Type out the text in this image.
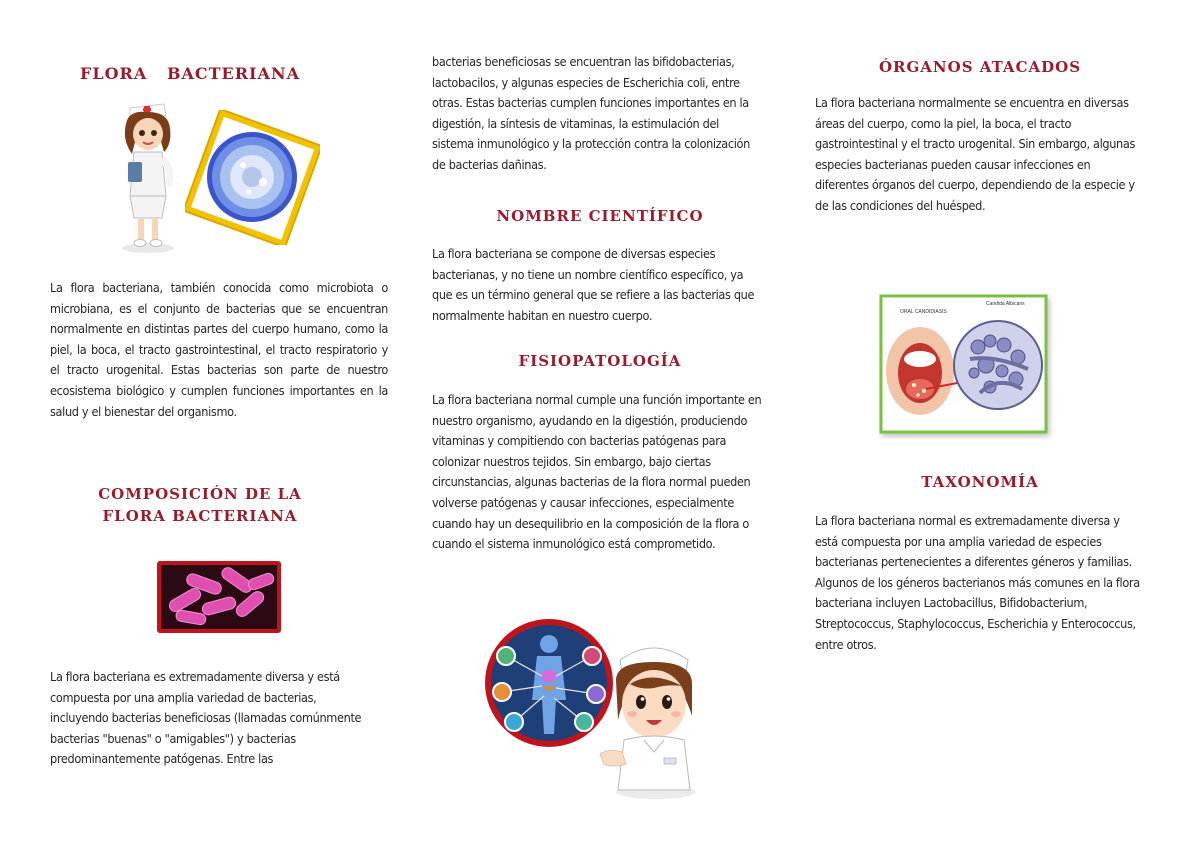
FLORA   BACTERIANA

La flora bacteriana, también conocida como microbiota o microbiana, es el conjunto de bacterias que se encuentran normalmente en distintas partes del cuerpo humano, como la piel, la boca, el tracto gastrointestinal, el tracto respiratorio y el tracto urogenital. Estas bacterias son parte de nuestro ecosistema biológico y cumplen funciones importantes en la salud y el bienestar del organismo.

COMPOSICIÓN DE LA FLORA BACTERIANA

La flora bacteriana es extremadamente diversa y está compuesta por una amplia variedad de bacterias, incluyendo bacterias beneficiosas (llamadas comúnmente bacterias "buenas" o "amigables") y bacterias predominantemente patógenas. Entre las

bacterias beneficiosas se encuentran las bifidobacterias, lactobacilos, y algunas especies de Escherichia coli, entre otras. Estas bacterias cumplen funciones importantes en la digestión, la síntesis de vitaminas, la estimulación del sistema inmunológico y la protección contra la colonización de bacterias dañinas.

NOMBRE CIENTÍFICO

La flora bacteriana se compone de diversas especies bacterianas, y no tiene un nombre científico específico, ya que es un término general que se refiere a las bacterias que normalmente habitan en nuestro cuerpo.

FISIOPATOLOGÍA

La flora bacteriana normal cumple una función importante en nuestro organismo, ayudando en la digestión, produciendo vitaminas y compitiendo con bacterias patógenas para colonizar nuestros tejidos. Sin embargo, bajo ciertas circunstancias, algunas bacterias de la flora normal pueden volverse patógenas y causar infecciones, especialmente cuando hay un desequilibrio en la composición de la flora o cuando el sistema inmunológico está comprometido.

ÓRGANOS ATACADOS

La flora bacteriana normalmente se encuentra en diversas áreas del cuerpo, como la piel, la boca, el tracto gastrointestinal y el tracto urogenital. Sin embargo, algunas especies bacterianas pueden causar infecciones en diferentes órganos del cuerpo, dependiendo de la especie y de las condiciones del huésped.

ORAL CANDIDIASIS
Candida Albicans
TAXONOMÍA

La flora bacteriana normal es extremadamente diversa y está compuesta por una amplia variedad de especies bacterianas pertenecientes a diferentes géneros y familias. Algunos de los géneros bacterianos más comunes en la flora bacteriana incluyen Lactobacillus, Bifidobacterium, Streptococcus, Staphylococcus, Escherichia y Enterococcus, entre otros.
